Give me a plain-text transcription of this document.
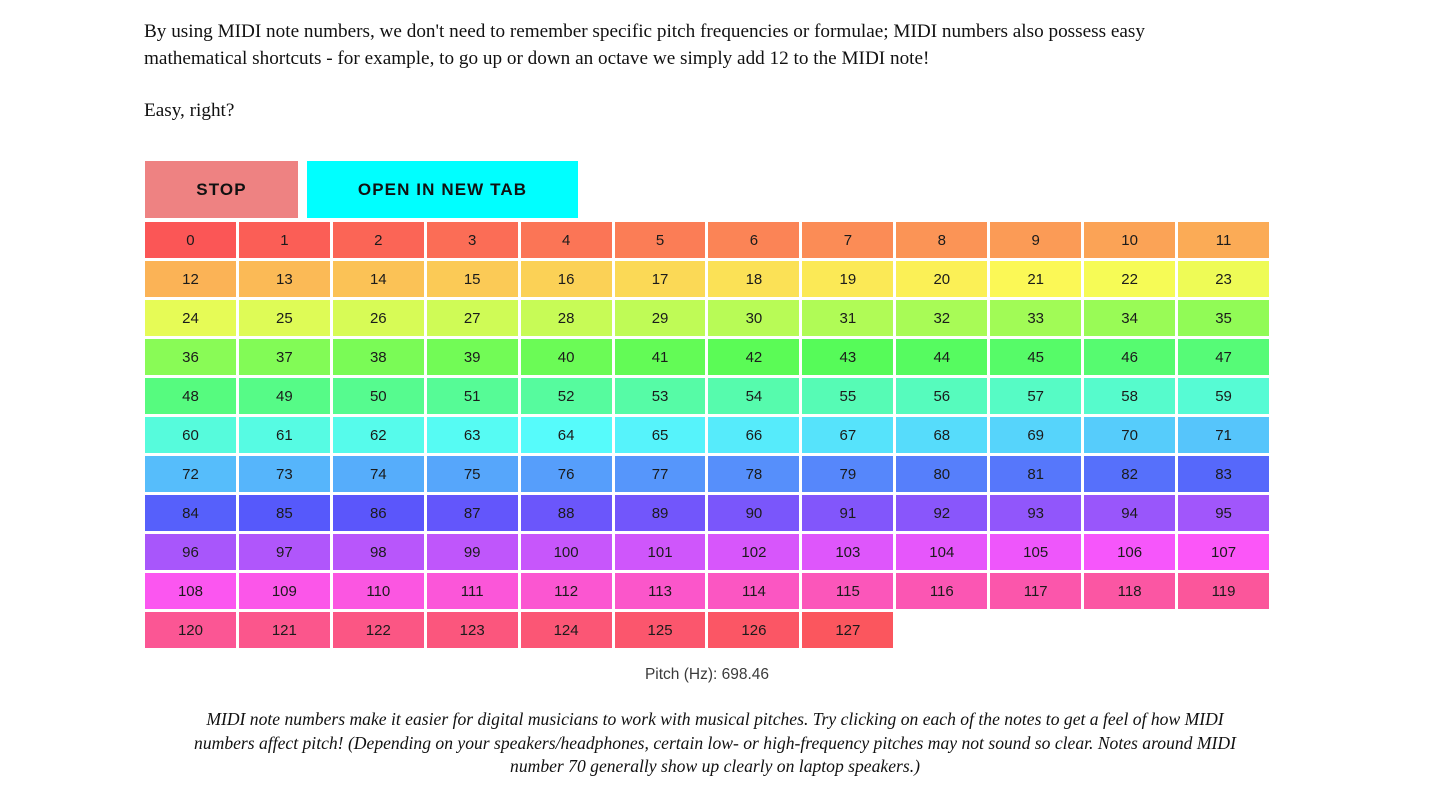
By using MIDI note numbers, we don't need to remember specific pitch frequencies or formulae; MIDI numbers also possess easy mathematical shortcuts - for example, to go up or down an octave we simply add 12 to the MIDI note!

Easy, right?

STOP	OPEN IN NEW TAB
0	1	2	3	4	5	6	7	8	9	10	11
12	13	14	15	16	17	18	19	20	21	22	23
24	25	26	27	28	29	30	31	32	33	34	35
36	37	38	39	40	41	42	43	44	45	46	47
48	49	50	51	52	53	54	55	56	57	58	59
60	61	62	63	64	65	66	67	68	69	70	71
72	73	74	75	76	77	78	79	80	81	82	83
84	85	86	87	88	89	90	91	92	93	94	95
96	97	98	99	100	101	102	103	104	105	106	107
108	109	110	111	112	113	114	115	116	117	118	119
120	121	122	123	124	125	126	127
Pitch (Hz): 698.46
MIDI note numbers make it easier for digital musicians to work with musical pitches. Try clicking on each of the notes to get a feel of how MIDI numbers affect pitch! (Depending on your speakers/headphones, certain low- or high-frequency pitches may not sound so clear. Notes around MIDI number 70 generally show up clearly on laptop speakers.)
